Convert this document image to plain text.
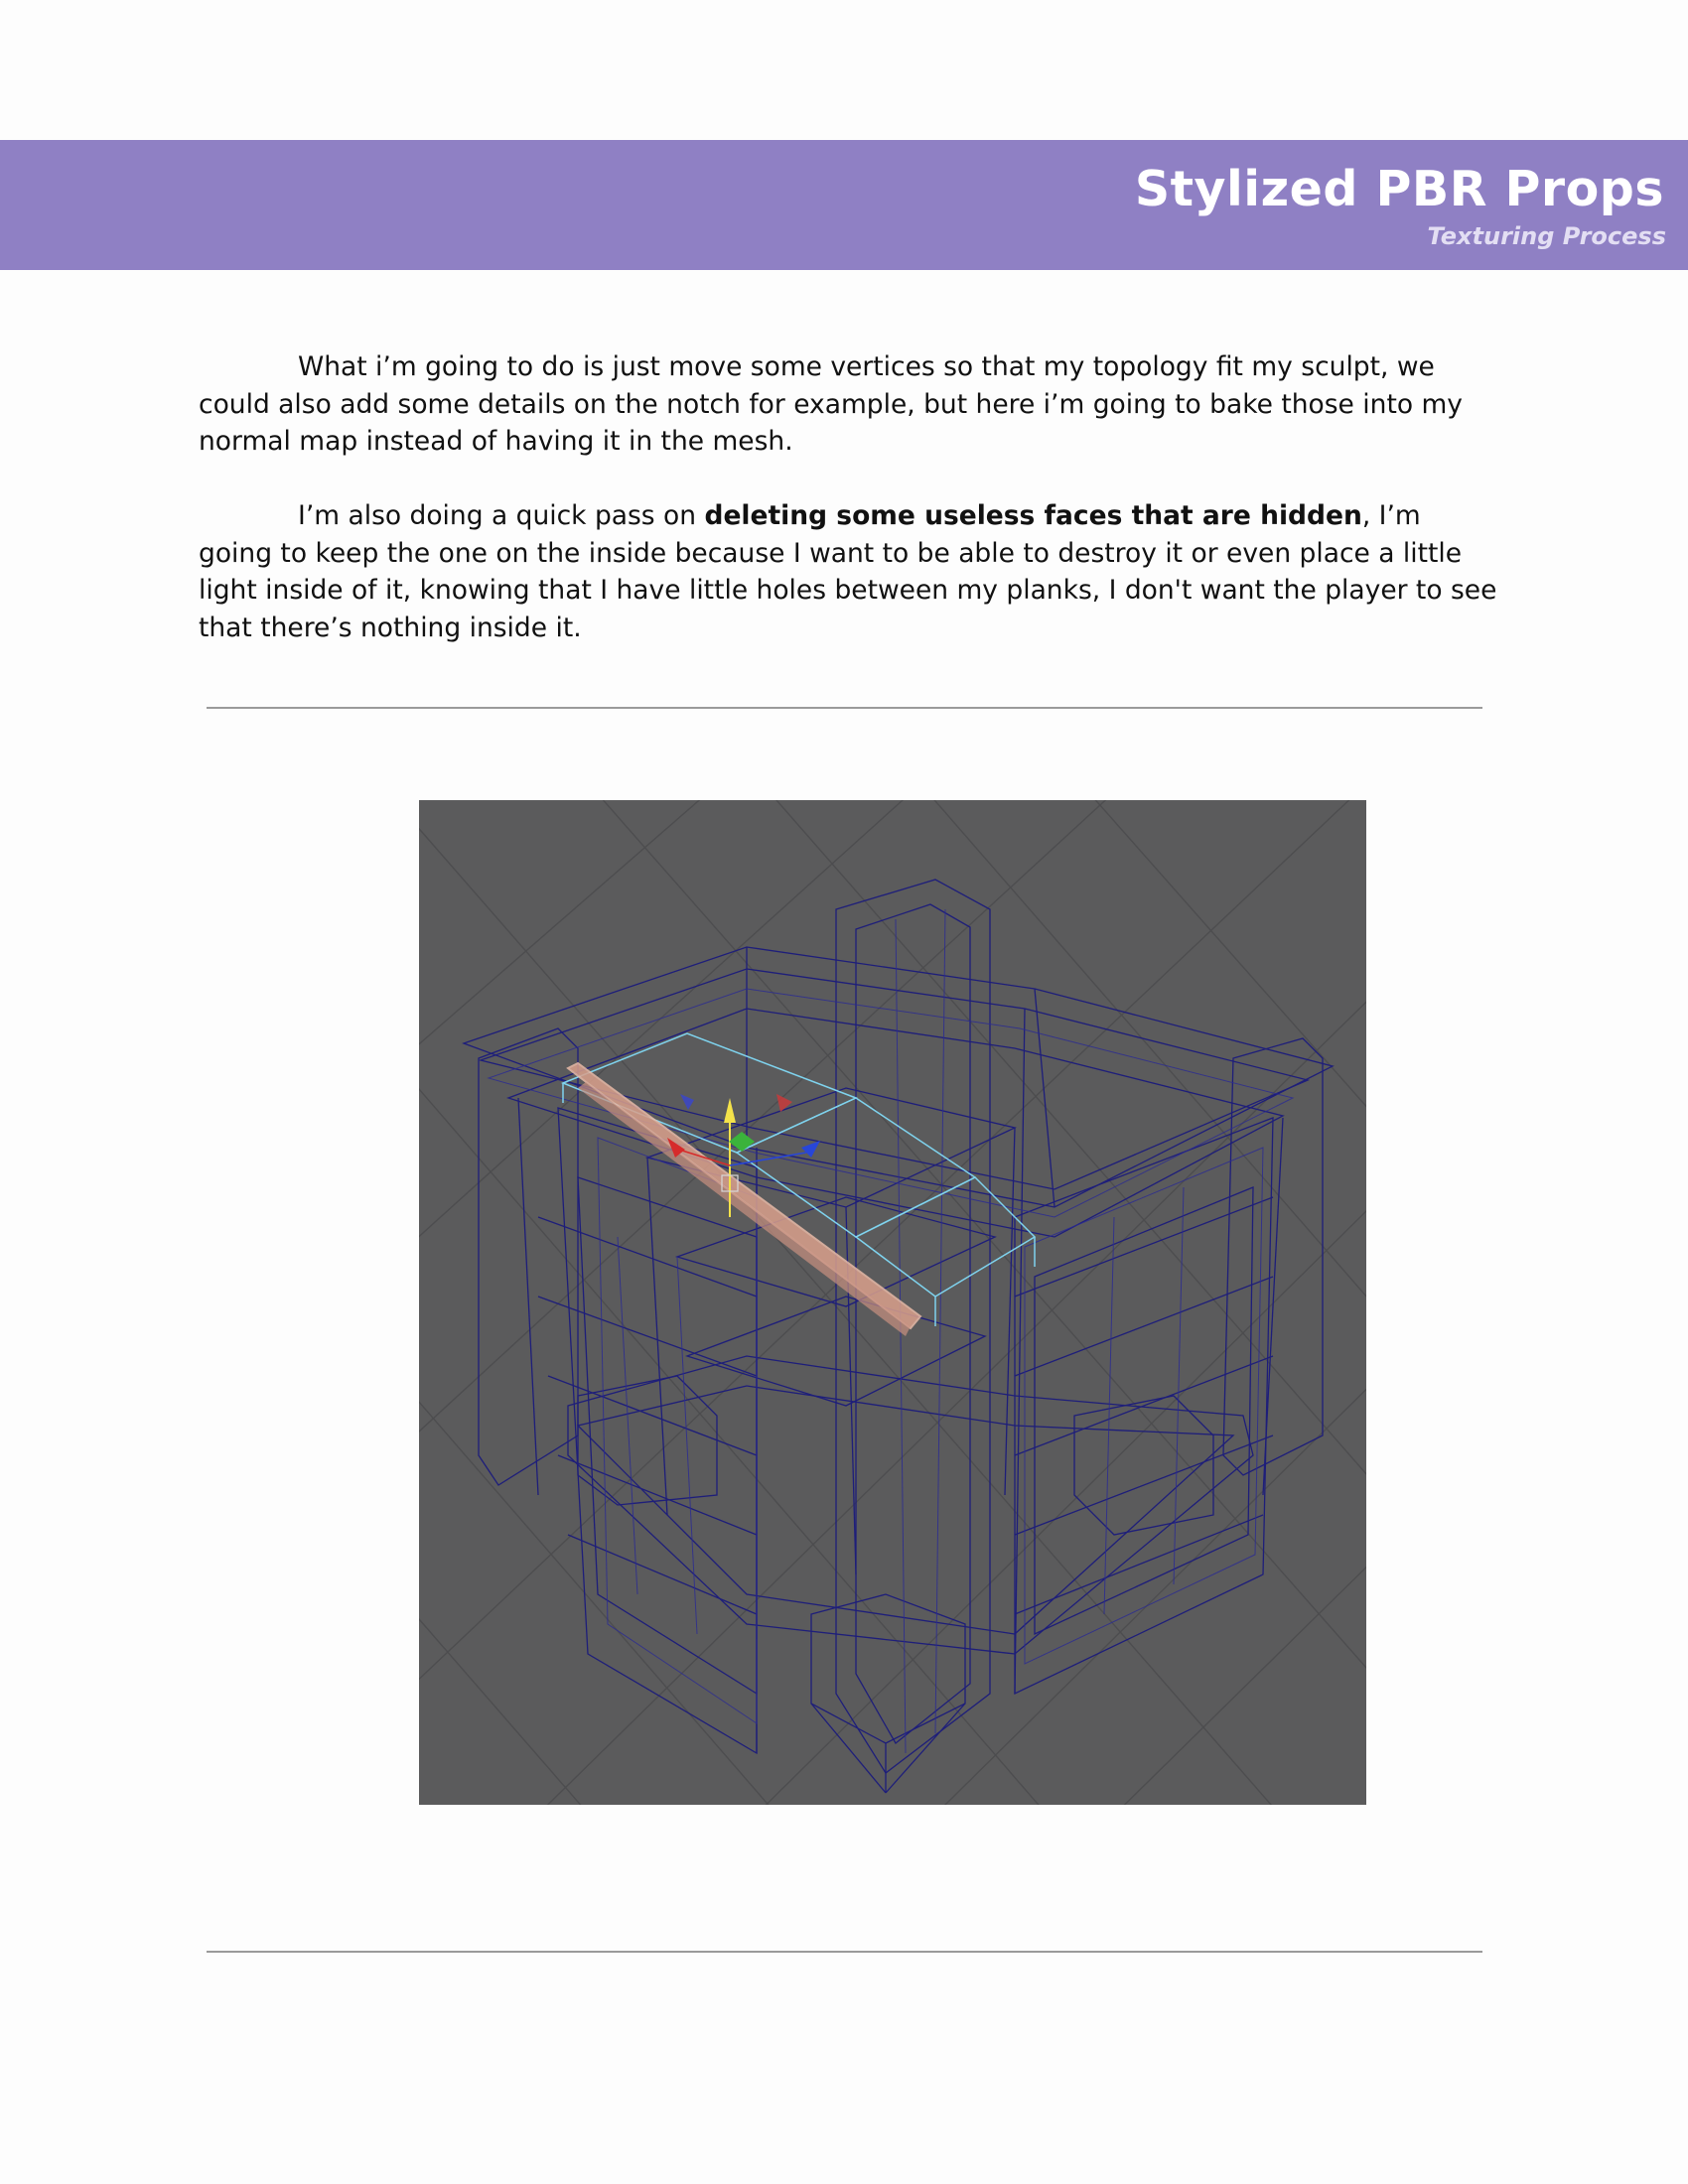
Stylized PBR Props
Texturing Process
What i’m going to do is just move some vertices so that my topology fit my sculpt, we could also add some details on the notch for example, but here i’m going to bake those into my normal map instead of having it in the mesh.
I’m also doing a quick pass on deleting some useless faces that are hidden, I’m going to keep the one on the inside because I want to be able to destroy it or even place a little light inside of it, knowing that I have little holes between my planks, I don't want the player to see that there’s nothing inside it.
